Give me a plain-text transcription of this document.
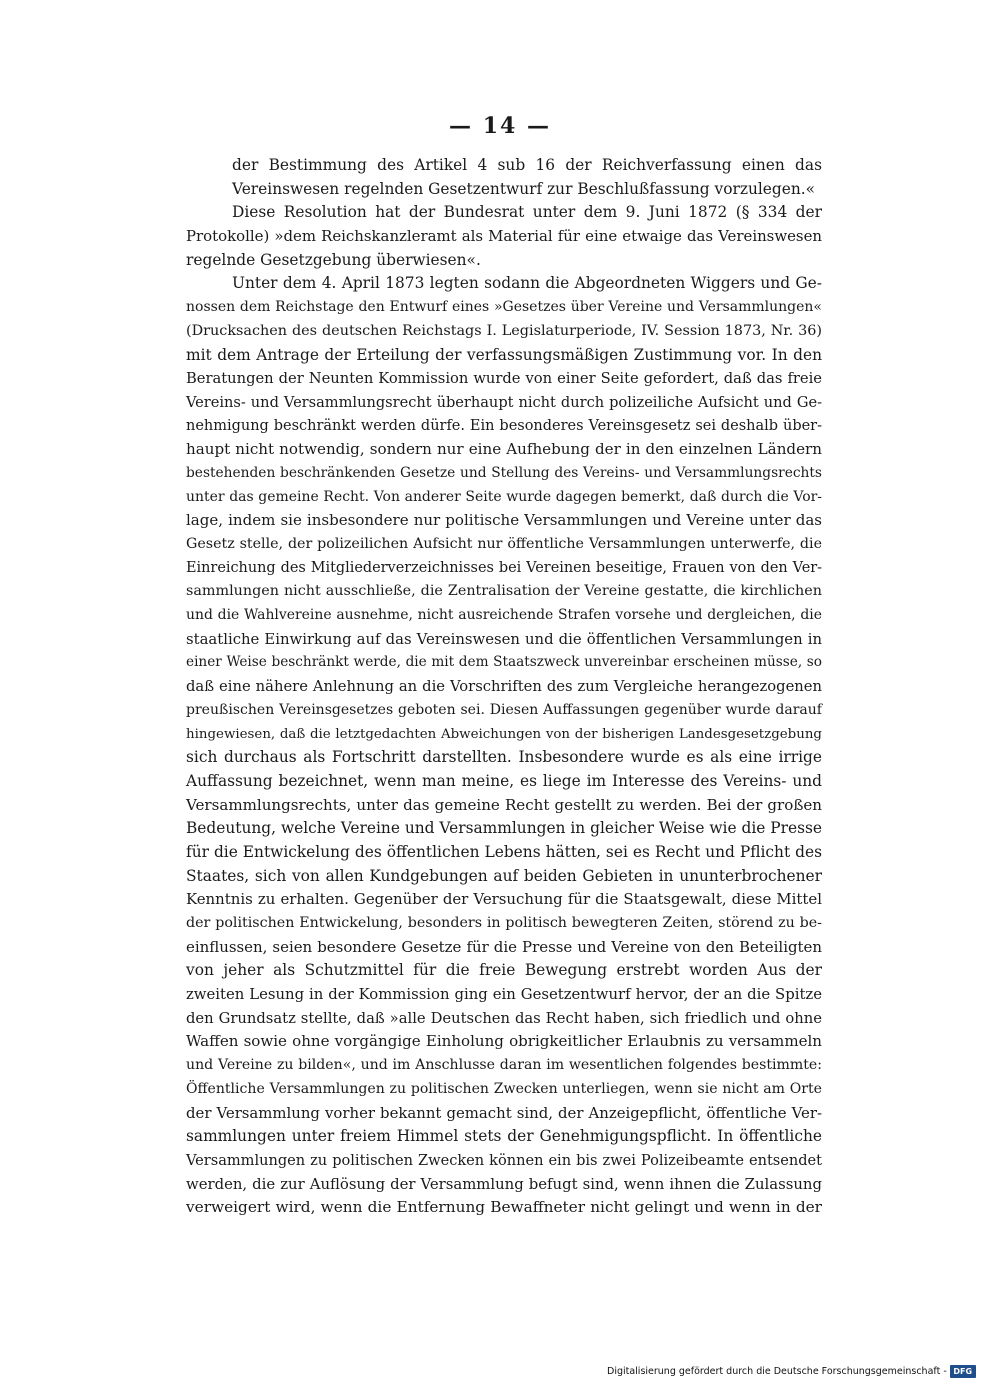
— 14 —
der Bestimmung des Artikel 4 sub 16 der Reichverfassung einen das
Vereinswesen regelnden Gesetzentwurf zur Beschlußfassung vorzulegen.«
Diese Resolution hat der Bundesrat unter dem 9. Juni 1872 (§ 334 der
Protokolle) »dem Reichskanzleramt als Material für eine etwaige das Vereinswesen
regelnde Gesetzgebung überwiesen«.
Unter dem 4. April 1873 legten sodann die Abgeordneten Wiggers und Ge-
nossen dem Reichstage den Entwurf eines »Gesetzes über Vereine und Versammlungen«
(Drucksachen des deutschen Reichstags I. Legislaturperiode, IV. Session 1873, Nr. 36)
mit dem Antrage der Erteilung der verfassungsmäßigen Zustimmung vor. In den
Beratungen der Neunten Kommission wurde von einer Seite gefordert, daß das freie
Vereins- und Versammlungsrecht überhaupt nicht durch polizeiliche Aufsicht und Ge-
nehmigung beschränkt werden dürfe. Ein besonderes Vereinsgesetz sei deshalb über-
haupt nicht notwendig, sondern nur eine Aufhebung der in den einzelnen Ländern
bestehenden beschränkenden Gesetze und Stellung des Vereins- und Versammlungsrechts
unter das gemeine Recht. Von anderer Seite wurde dagegen bemerkt, daß durch die Vor-
lage, indem sie insbesondere nur politische Versammlungen und Vereine unter das
Gesetz stelle, der polizeilichen Aufsicht nur öffentliche Versammlungen unterwerfe, die
Einreichung des Mitgliederverzeichnisses bei Vereinen beseitige, Frauen von den Ver-
sammlungen nicht ausschließe, die Zentralisation der Vereine gestatte, die kirchlichen
und die Wahlvereine ausnehme, nicht ausreichende Strafen vorsehe und dergleichen, die
staatliche Einwirkung auf das Vereinswesen und die öffentlichen Versammlungen in
einer Weise beschränkt werde, die mit dem Staatszweck unvereinbar erscheinen müsse, so
daß eine nähere Anlehnung an die Vorschriften des zum Vergleiche herangezogenen
preußischen Vereinsgesetzes geboten sei. Diesen Auffassungen gegenüber wurde darauf
hingewiesen, daß die letztgedachten Abweichungen von der bisherigen Landesgesetzgebung
sich durchaus als Fortschritt darstellten. Insbesondere wurde es als eine irrige
Auffassung bezeichnet, wenn man meine, es liege im Interesse des Vereins- und
Versammlungsrechts, unter das gemeine Recht gestellt zu werden. Bei der großen
Bedeutung, welche Vereine und Versammlungen in gleicher Weise wie die Presse
für die Entwickelung des öffentlichen Lebens hätten, sei es Recht und Pflicht des
Staates, sich von allen Kundgebungen auf beiden Gebieten in ununterbrochener
Kenntnis zu erhalten. Gegenüber der Versuchung für die Staatsgewalt, diese Mittel
der politischen Entwickelung, besonders in politisch bewegteren Zeiten, störend zu be-
einflussen, seien besondere Gesetze für die Presse und Vereine von den Beteiligten
von jeher als Schutzmittel für die freie Bewegung erstrebt worden Aus der
zweiten Lesung in der Kommission ging ein Gesetzentwurf hervor, der an die Spitze
den Grundsatz stellte, daß »alle Deutschen das Recht haben, sich friedlich und ohne
Waffen sowie ohne vorgängige Einholung obrigkeitlicher Erlaubnis zu versammeln
und Vereine zu bilden«, und im Anschlusse daran im wesentlichen folgendes bestimmte:
Öffentliche Versammlungen zu politischen Zwecken unterliegen, wenn sie nicht am Orte
der Versammlung vorher bekannt gemacht sind, der Anzeigepflicht, öffentliche Ver-
sammlungen unter freiem Himmel stets der Genehmigungspflicht. In öffentliche
Versammlungen zu politischen Zwecken können ein bis zwei Polizeibeamte entsendet
werden, die zur Auflösung der Versammlung befugt sind, wenn ihnen die Zulassung
verweigert wird, wenn die Entfernung Bewaffneter nicht gelingt und wenn in der
Digitalisierung gefördert durch die Deutsche Forschungsgemeinschaft - DFG
